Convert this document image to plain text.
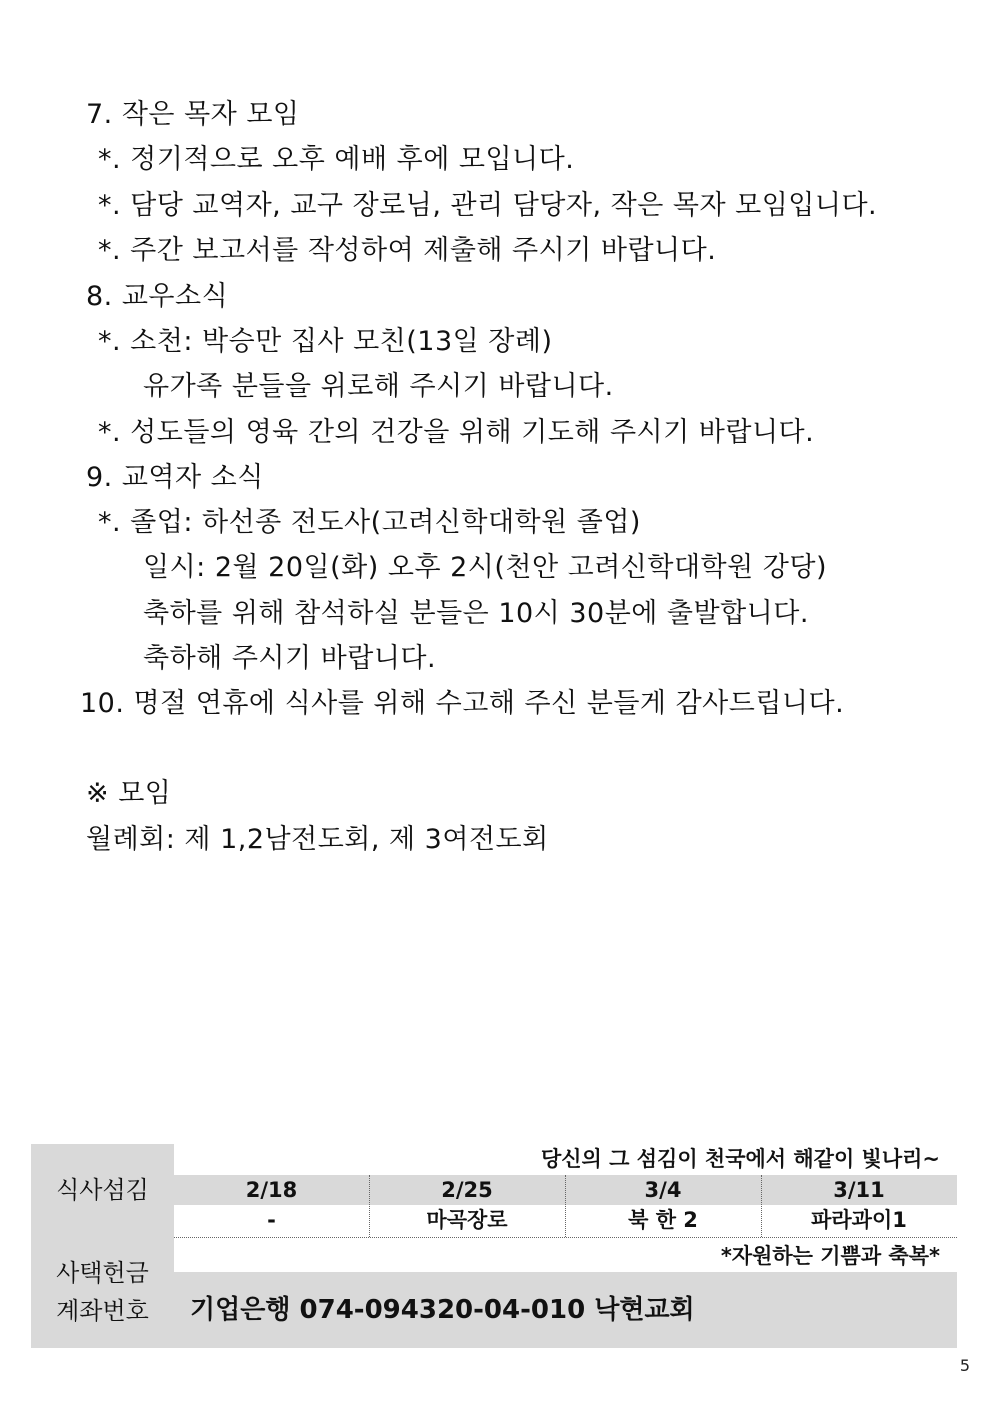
7. 작은 목자 모임
*. 정기적으로 오후 예배 후에 모입니다.
*. 담당 교역자, 교구 장로님, 관리 담당자, 작은 목자 모임입니다.
*. 주간 보고서를 작성하여 제출해 주시기 바랍니다.
8. 교우소식
*. 소천: 박승만 집사 모친(13일 장례)
유가족 분들을 위로해 주시기 바랍니다.
*. 성도들의 영육 간의 건강을 위해 기도해 주시기 바랍니다.
9. 교역자 소식
*. 졸업: 하선종 전도사(고려신학대학원 졸업)
일시: 2월 20일(화) 오후 2시(천안 고려신학대학원 강당)
축하를 위해 참석하실 분들은 10시 30분에 출발합니다.
축하해 주시기 바랍니다.
10. 명절 연휴에 식사를 위해 수고해 주신 분들게 감사드립니다.
※ 모임
월례회: 제 1,2남전도회, 제 3여전도회
식사섬김
당신의 그 섬김이 천국에서 해같이 빛나리~
2/18	2/25	3/4	3/11
-	마곡장로	북 한 2	파라과이1
*자원하는 기쁨과 축복*
사택헌금
계좌번호	기업은행 074-094320-04-010 낙현교회
5
